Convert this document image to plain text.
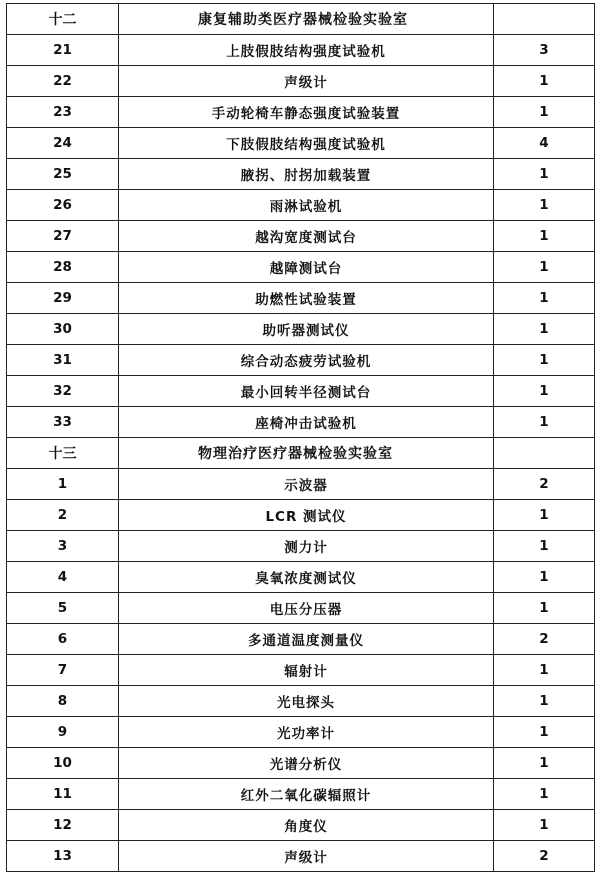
十二	康复辅助类医疗器械检验实验室	
21	上肢假肢结构强度试验机	3
22	声级计	1
23	手动轮椅车静态强度试验装置	1
24	下肢假肢结构强度试验机	4
25	腋拐、肘拐加载装置	1
26	雨淋试验机	1
27	越沟宽度测试台	1
28	越障测试台	1
29	助燃性试验装置	1
30	助听器测试仪	1
31	综合动态疲劳试验机	1
32	最小回转半径测试台	1
33	座椅冲击试验机	1
十三	物理治疗医疗器械检验实验室	
1	示波器	2
2	LCR 测试仪	1
3	测力计	1
4	臭氧浓度测试仪	1
5	电压分压器	1
6	多通道温度测量仪	2
7	辐射计	1
8	光电探头	1
9	光功率计	1
10	光谱分析仪	1
11	红外二氧化碳辐照计	1
12	角度仪	1
13	声级计	2
